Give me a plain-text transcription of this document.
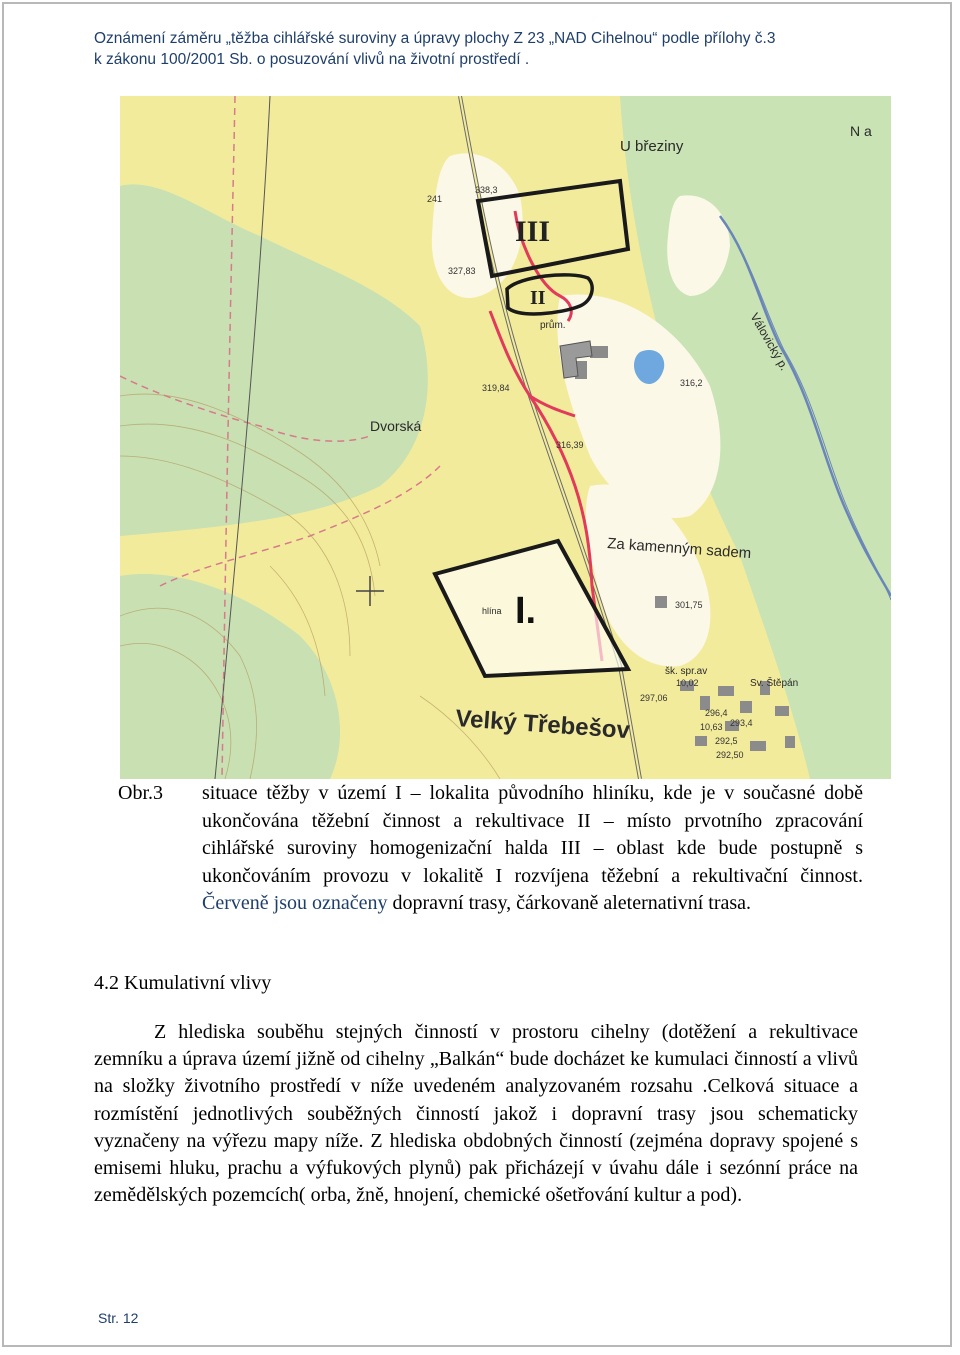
Oznámení záměru „těžba cihlářské suroviny a úpravy plochy Z 23 „NAD Cihelnou“ podle přílohy č.3
k zákonu 100/2001 Sb. o posuzování vlivů na životní prostředí .
III
II
I.
U březiny
N a
Dvorská
Za kamenným sadem
Velký Třebešov
prům.
hlína
šk. spr.av
Sv. Štěpán
Válovický p.
338,3
241
327,83
319,84	316,2
316,39
301,75
297,06
10,02
296,4
292,5
292,50
293,4
10,63
Obr.3 situace těžby v území I – lokalita původního hliníku, kde je v současné době ukončována těžební činnost a rekultivace II – místo prvotního zpracování cihlářské suroviny homogenizační halda III – oblast kde bude postupně s ukončováním provozu v lokalitě I rozvíjena těžební a rekultivační činnost. Červeně jsou označeny dopravní trasy, čárkovaně aleternativní trasa.
4.2 Kumulativní vlivy

Z hlediska souběhu stejných činností v prostoru cihelny (dotěžení a rekultivace zemníku a úprava území jižně od cihelny „Balkán“ bude docházet ke kumulaci činností a vlivů na složky životního prostředí v níže uvedeném analyzovaném rozsahu .Celková situace a rozmístění jednotlivých souběžných činností jakož i dopravní trasy jsou schematicky vyznačeny na výřezu mapy níže. Z hlediska obdobných činností (zejména dopravy spojené s emisemi hluku, prachu a výfukových plynů) pak přicházejí v úvahu dále i sezónní práce na zemědělských pozemcích( orba, žně, hnojení, chemické ošetřování kultur a pod).

Str. 12
